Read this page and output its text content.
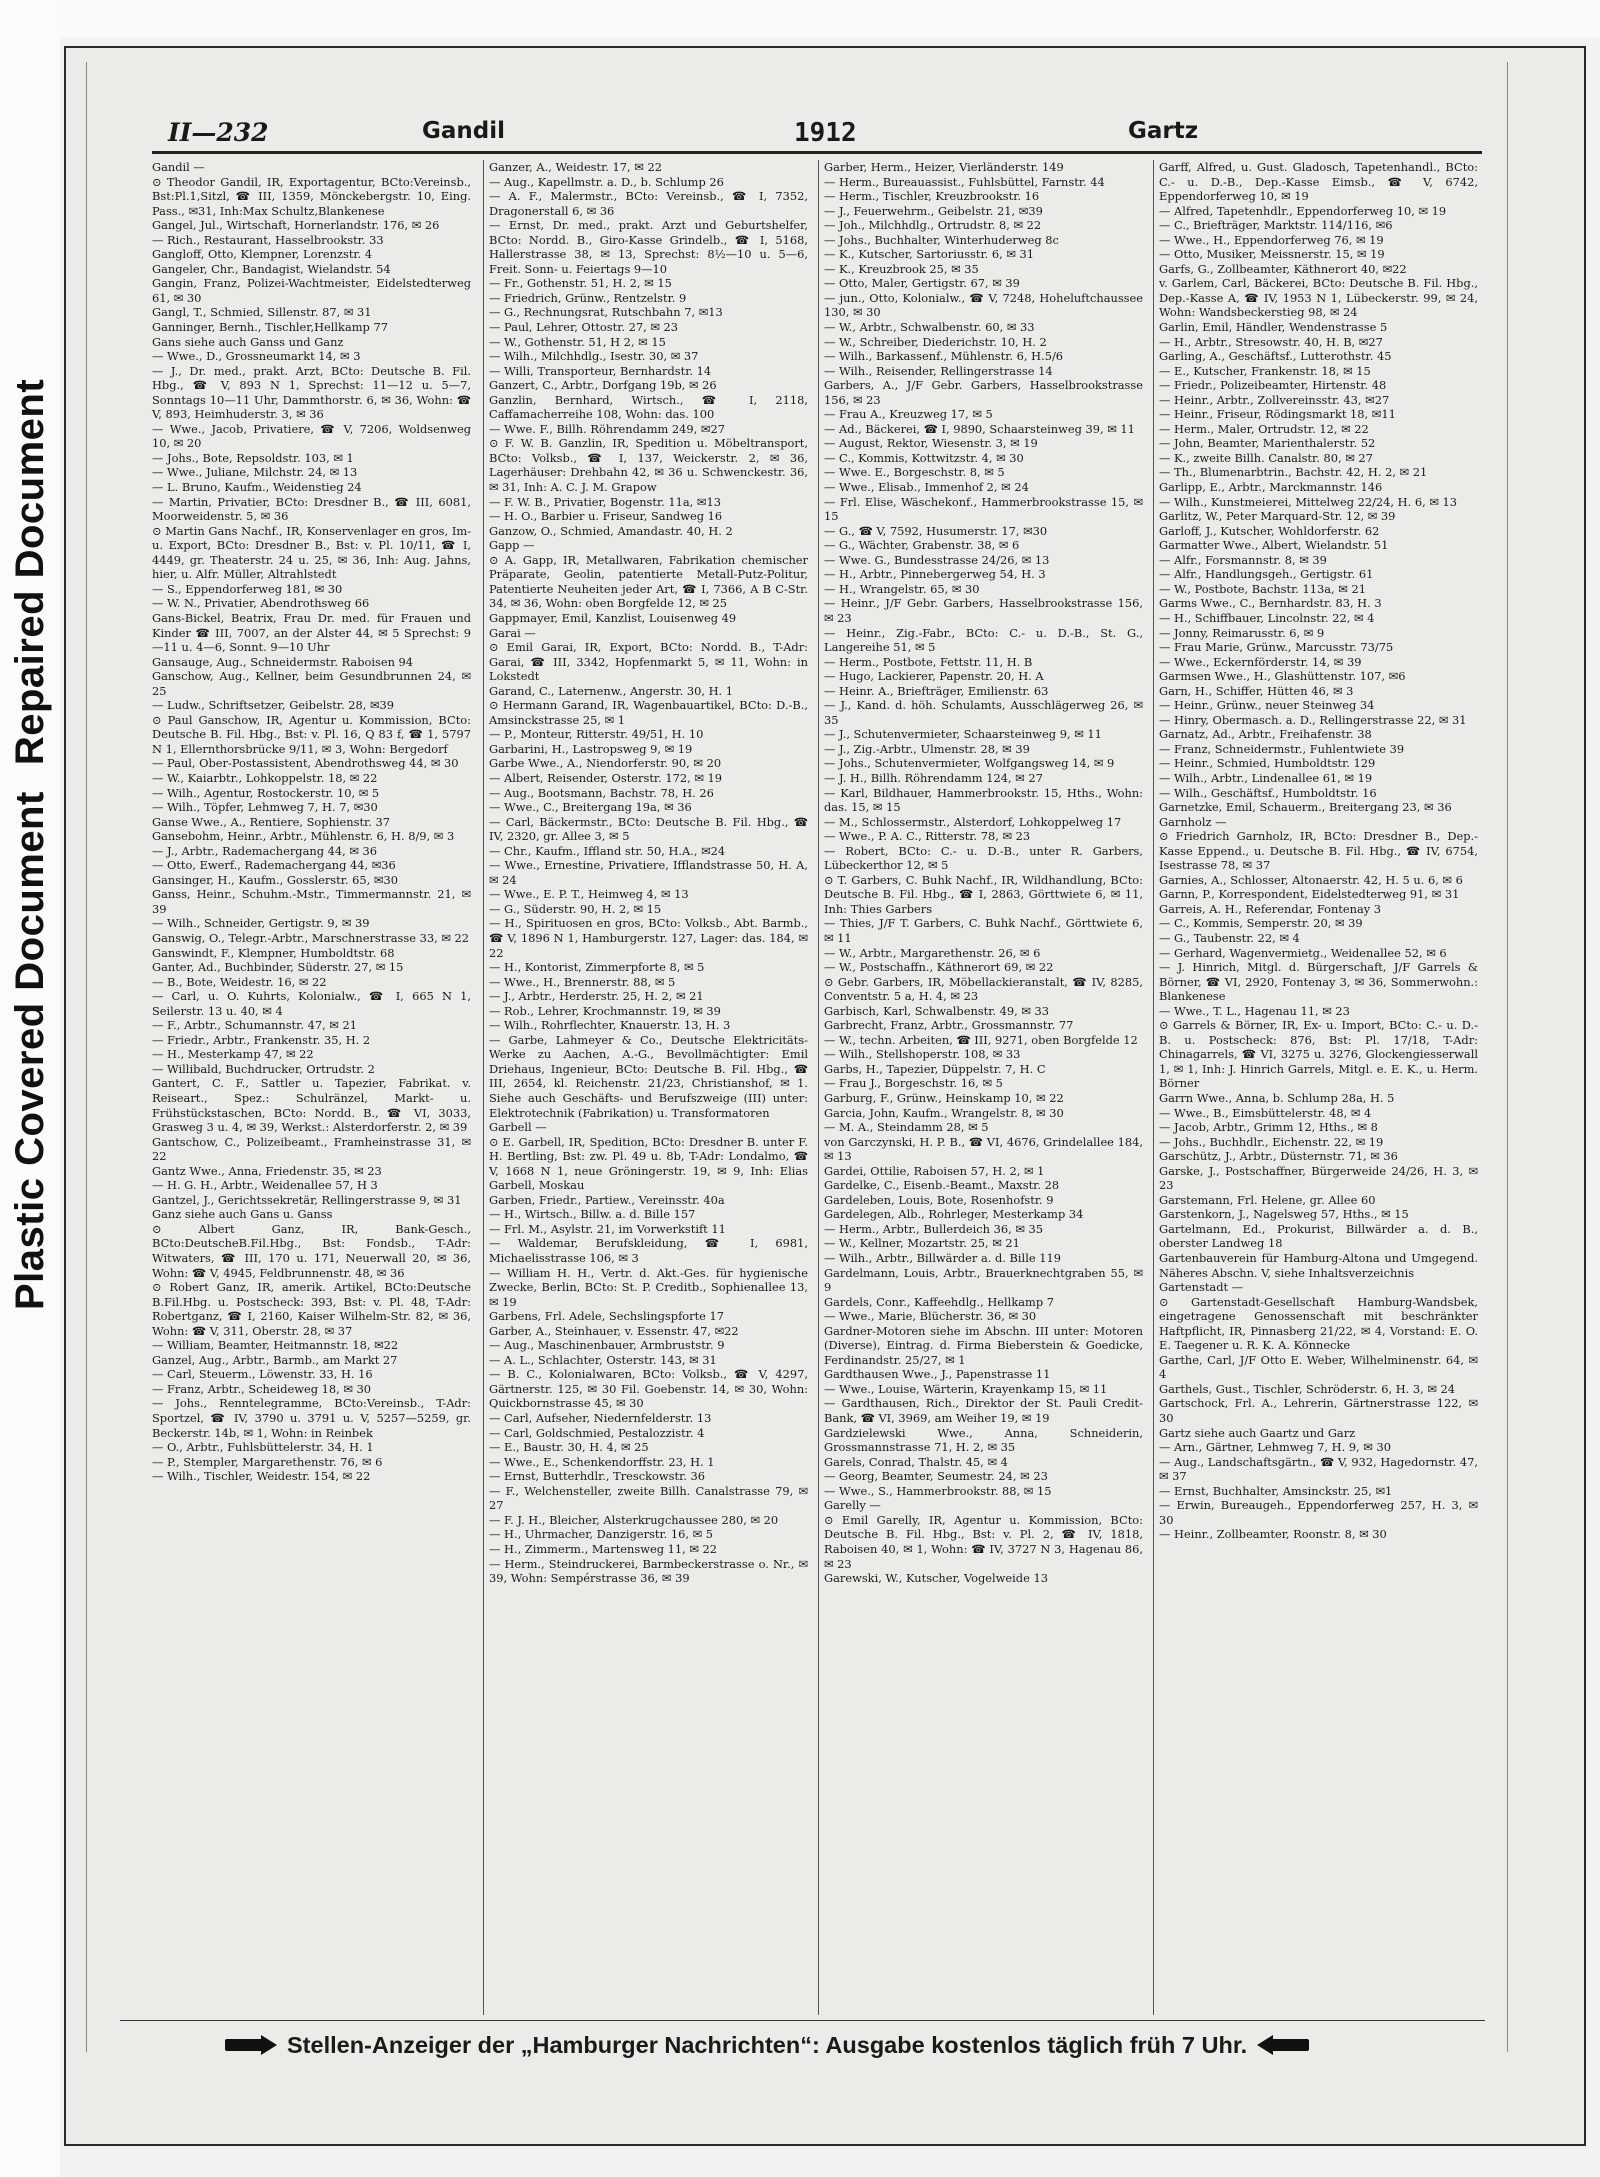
Plastic Covered DocumentRepaired Document
II—232	Gandil	1912	Gartz

Gandil —

⊙ Theodor Gandil, IR, Exportagentur, BCto:Vereinsb., Bst:Pl.1,Sitzl, ☎ III, 1359, Mönckebergstr. 10, Eing. Pass., ✉31, Inh:Max Schultz,Blankenese

Gangel, Jul., Wirtschaft, Hornerlandstr. 176, ✉ 26

— Rich., Restaurant, Hasselbrookstr. 33

Gangloff, Otto, Klempner, Lorenzstr. 4

Gangeler, Chr., Bandagist, Wielandstr. 54

Gangin, Franz, Polizei-Wachtmeister, Eidelstedterweg 61, ✉ 30

Gangl, T., Schmied, Sillenstr. 87, ✉ 31

Ganninger, Bernh., Tischler,Hellkamp 77

Gans siehe auch Ganss und Ganz

— Wwe., D., Grossneumarkt 14, ✉ 3

— J., Dr. med., prakt. Arzt, BCto: Deutsche B. Fil. Hbg., ☎ V, 893 N 1, Sprechst: 11—12 u. 5—7, Sonntags 10—11 Uhr, Dammthorstr. 6, ✉ 36, Wohn: ☎ V, 893, Heimhuderstr. 3, ✉ 36

— Wwe., Jacob, Privatiere, ☎ V, 7206, Woldsenweg 10, ✉ 20

— Johs., Bote, Repsoldstr. 103, ✉ 1

— Wwe., Juliane, Milchstr. 24, ✉ 13

— L. Bruno, Kaufm., Weidenstieg 24

— Martin, Privatier, BCto: Dresdner B., ☎ III, 6081, Moorweidenstr. 5, ✉ 36

⊙ Martin Gans Nachf., IR, Konservenlager en gros, Im- u. Export, BCto: Dresdner B., Bst: v. Pl. 10/11, ☎ I, 4449, gr. Theaterstr. 24 u. 25, ✉ 36, Inh: Aug. Jahns, hier, u. Alfr. Müller, Altrahlstedt

— S., Eppendorferweg 181, ✉ 30

— W. N., Privatier, Abendrothsweg 66

Gans-Bickel, Beatrix, Frau Dr. med. für Frauen und Kinder ☎ III, 7007, an der Alster 44, ✉ 5 Sprechst: 9—11 u. 4—6, Sonnt. 9—10 Uhr

Gansauge, Aug., Schneidermstr. Raboisen 94

Ganschow, Aug., Kellner, beim Gesundbrunnen 24, ✉ 25

— Ludw., Schriftsetzer, Geibelstr. 28, ✉39

⊙ Paul Ganschow, IR, Agentur u. Kommission, BCto: Deutsche B. Fil. Hbg., Bst: v. Pl. 16, Q 83 f, ☎ 1, 5797 N 1, Ellernthorsbrücke 9/11, ✉ 3, Wohn: Bergedorf

— Paul, Ober-Postassistent, Abendrothsweg 44, ✉ 30

— W., Kaiarbtr., Lohkoppelstr. 18, ✉ 22

— Wilh., Agentur, Rostockerstr. 10, ✉ 5

— Wilh., Töpfer, Lehmweg 7, H. 7, ✉30

Ganse Wwe., A., Rentiere, Sophienstr. 37

Gansebohm, Heinr., Arbtr., Mühlenstr. 6, H. 8/9, ✉ 3

— J., Arbtr., Rademachergang 44, ✉ 36

— Otto, Ewerf., Rademachergang 44, ✉36

Gansinger, H., Kaufm., Gosslerstr. 65, ✉30

Ganss, Heinr., Schuhm.-Mstr., Timmermannstr. 21, ✉ 39

— Wilh., Schneider, Gertigstr. 9, ✉ 39

Ganswig, O., Telegr.-Arbtr., Marschnerstrasse 33, ✉ 22

Ganswindt, F., Klempner, Humboldtstr. 68

Ganter, Ad., Buchbinder, Süderstr. 27, ✉ 15

— B., Bote, Weidestr. 16, ✉ 22

— Carl, u. O. Kuhrts, Kolonialw., ☎ I, 665 N 1, Seilerstr. 13 u. 40, ✉ 4

— F., Arbtr., Schumannstr. 47, ✉ 21

— Friedr., Arbtr., Frankenstr. 35, H. 2

— H., Mesterkamp 47, ✉ 22

— Willibald, Buchdrucker, Ortrudstr. 2

Gantert, C. F., Sattler u. Tapezier, Fabrikat. v. Reiseart., Spez.: Schulränzel, Markt- u. Frühstückstaschen, BCto: Nordd. B., ☎ VI, 3033, Grasweg 3 u. 4, ✉ 39, Werkst.: Alsterdorferstr. 2, ✉ 39

Gantschow, C., Polizeibeamt., Framheinstrasse 31, ✉ 22

Gantz Wwe., Anna, Friedenstr. 35, ✉ 23

— H. G. H., Arbtr., Weidenallee 57, H 3

Gantzel, J., Gerichtssekretär, Rellingerstrasse 9, ✉ 31

Ganz siehe auch Gans u. Ganss

⊙ Albert Ganz, IR, Bank-Gesch., BCto:DeutscheB.Fil.Hbg., Bst: Fondsb., T-Adr: Witwaters, ☎ III, 170 u. 171, Neuerwall 20, ✉ 36, Wohn: ☎ V, 4945, Feldbrunnenstr. 48, ✉ 36

⊙ Robert Ganz, IR, amerik. Artikel, BCto:Deutsche B.Fil.Hbg. u. Postscheck: 393, Bst: v. Pl. 48, T-Adr: Robertganz, ☎ I, 2160, Kaiser Wilhelm-Str. 82, ✉ 36, Wohn: ☎ V, 311, Oberstr. 28, ✉ 37

— William, Beamter, Heitmannstr. 18, ✉22

Ganzel, Aug., Arbtr., Barmb., am Markt 27

— Carl, Steuerm., Löwenstr. 33, H. 16

— Franz, Arbtr., Scheideweg 18, ✉ 30

— Johs., Renntelegramme, BCto:Vereinsb., T-Adr: Sportzel, ☎ IV, 3790 u. 3791 u. V, 5257—5259, gr. Beckerstr. 14b, ✉ 1, Wohn: in Reinbek

— O., Arbtr., Fuhlsbüttelerstr. 34, H. 1

— P., Stempler, Margarethenstr. 76, ✉ 6

— Wilh., Tischler, Weidestr. 154, ✉ 22

Ganzer, A., Weidestr. 17, ✉ 22

— Aug., Kapellmstr. a. D., b. Schlump 26

— A. F., Malermstr., BCto: Vereinsb., ☎ I, 7352, Dragonerstall 6, ✉ 36

— Ernst, Dr. med., prakt. Arzt und Geburtshelfer, BCto: Nordd. B., Giro-Kasse Grindelb., ☎ I, 5168, Hallerstrasse 38, ✉ 13, Sprechst: 8½—10 u. 5—6, Freit. Sonn- u. Feiertags 9—10

— Fr., Gothenstr. 51, H. 2, ✉ 15

— Friedrich, Grünw., Rentzelstr. 9

— G., Rechnungsrat, Rutschbahn 7, ✉13

— Paul, Lehrer, Ottostr. 27, ✉ 23

— W., Gothenstr. 51, H 2, ✉ 15

— Wilh., Milchhdlg., Isestr. 30, ✉ 37

— Willi, Transporteur, Bernhardstr. 14

Ganzert, C., Arbtr., Dorfgang 19b, ✉ 26

Ganzlin, Bernhard, Wirtsch., ☎ I, 2118, Caffamacherreihe 108, Wohn: das. 100

— Wwe. F., Billh. Röhrendamm 249, ✉27

⊙ F. W. B. Ganzlin, IR, Spedition u. Möbeltransport, BCto: Volksb., ☎ I, 137, Weickerstr. 2, ✉ 36, Lagerhäuser: Drehbahn 42, ✉ 36 u. Schwenckestr. 36, ✉ 31, Inh: A. C. J. M. Grapow

— F. W. B., Privatier, Bogenstr. 11a, ✉13

— H. O., Barbier u. Friseur, Sandweg 16

Ganzow, O., Schmied, Amandastr. 40, H. 2

Gapp —

⊙ A. Gapp, IR, Metallwaren, Fabrikation chemischer Präparate, Geolin, patentierte Metall-Putz-Politur, Patentierte Neuheiten jeder Art, ☎ I, 7366, A B C-Str. 34, ✉ 36, Wohn: oben Borgfelde 12, ✉ 25

Gappmayer, Emil, Kanzlist, Louisenweg 49

Garai —

⊙ Emil Garai, IR, Export, BCto: Nordd. B., T-Adr: Garai, ☎ III, 3342, Hopfenmarkt 5, ✉ 11, Wohn: in Lokstedt

Garand, C., Laternenw., Angerstr. 30, H. 1

⊙ Hermann Garand, IR, Wagenbauartikel, BCto: D.-B., Amsinckstrasse 25, ✉ 1

— P., Monteur, Ritterstr. 49/51, H. 10

Garbarini, H., Lastropsweg 9, ✉ 19

Garbe Wwe., A., Niendorferstr. 90, ✉ 20

— Albert, Reisender, Osterstr. 172, ✉ 19

— Aug., Bootsmann, Bachstr. 78, H. 26

— Wwe., C., Breitergang 19a, ✉ 36

— Carl, Bäckermstr., BCto: Deutsche B. Fil. Hbg., ☎ IV, 2320, gr. Allee 3, ✉ 5

— Chr., Kaufm., Iffland str. 50, H.A., ✉24

— Wwe., Ernestine, Privatiere, Ifflandstrasse 50, H. A, ✉ 24

— Wwe., E. P. T., Heimweg 4, ✉ 13

— G., Süderstr. 90, H. 2, ✉ 15

— H., Spirituosen en gros, BCto: Volksb., Abt. Barmb., ☎ V, 1896 N 1, Hamburgerstr. 127, Lager: das. 184, ✉22

— H., Kontorist, Zimmerpforte 8, ✉ 5

— Wwe., H., Brennerstr. 88, ✉ 5

— J., Arbtr., Herderstr. 25, H. 2, ✉ 21

— Rob., Lehrer, Krochmannstr. 19, ✉ 39

— Wilh., Rohrflechter, Knauerstr. 13, H. 3

— Garbe, Lahmeyer & Co., Deutsche Elektricitäts-Werke zu Aachen, A.-G., Bevollmächtigter: Emil Driehaus, Ingenieur, BCto: Deutsche B. Fil. Hbg., ☎ III, 2654, kl. Reichenstr. 21/23, Christianshof, ✉ 1. Siehe auch Geschäfts- und Berufszweige (III) unter: Elektrotechnik (Fabrikation) u. Transformatoren

Garbell —

⊙ E. Garbell, IR, Spedition, BCto: Dresdner B. unter F. H. Bertling, Bst: zw. Pl. 49 u. 8b, T-Adr: Londalmo, ☎ V, 1668 N 1, neue Gröningerstr. 19, ✉ 9, Inh: Elias Garbell, Moskau

Garben, Friedr., Partiew., Vereinsstr. 40a

— H., Wirtsch., Billw. a. d. Bille 157

— Frl. M., Asylstr. 21, im Vorwerkstift 11

— Waldemar, Berufskleidung, ☎ I, 6981, Michaelisstrasse 106, ✉ 3

— William H. H., Vertr. d. Akt.-Ges. für hygienische Zwecke, Berlin, BCto: St. P. Creditb., Sophienallee 13, ✉ 19

Garbens, Frl. Adele, Sechslingspforte 17

Garber, A., Steinhauer, v. Essenstr. 47, ✉22

— Aug., Maschinenbauer, Armbruststr. 9

— A. L., Schlachter, Osterstr. 143, ✉ 31

— B. C., Kolonialwaren, BCto: Volksb., ☎ V, 4297, Gärtnerstr. 125, ✉ 30 Fil. Goebenstr. 14, ✉ 30, Wohn: Quickbornstrasse 45, ✉ 30

— Carl, Aufseher, Niedernfelderstr. 13

— Carl, Goldschmied, Pestalozzistr. 4

— E., Baustr. 30, H. 4, ✉ 25

— Wwe., E., Schenkendorffstr. 23, H. 1

— Ernst, Butterhdlr., Tresckowstr. 36

— F., Welchensteller, zweite Billh. Canalstrasse 79, ✉ 27

— F. J. H., Bleicher, Alsterkrugchaussee 280, ✉ 20

— H., Uhrmacher, Danzigerstr. 16, ✉ 5

— H., Zimmerm., Martensweg 11, ✉ 22

— Herm., Steindruckerei, Barmbeckerstrasse o. Nr., ✉ 39, Wohn: Sempérstrasse 36, ✉ 39

Garber, Herm., Heizer, Vierländerstr. 149

— Herm., Bureauassist., Fuhlsbüttel, Farnstr. 44

— Herm., Tischler, Kreuzbrookstr. 16

— J., Feuerwehrm., Geibelstr. 21, ✉39

— Joh., Milchhdlg., Ortrudstr. 8, ✉ 22

— Johs., Buchhalter, Winterhuderweg 8c

— K., Kutscher, Sartoriusstr. 6, ✉ 31

— K., Kreuzbrook 25, ✉ 35

— Otto, Maler, Gertigstr. 67, ✉ 39

— jun., Otto, Kolonialw., ☎ V, 7248, Hoheluftchaussee 130, ✉ 30

— W., Arbtr., Schwalbenstr. 60, ✉ 33

— W., Schreiber, Diederichstr. 10, H. 2

— Wilh., Barkassenf., Mühlenstr. 6, H.5/6

— Wilh., Reisender, Rellingerstrasse 14

Garbers, A., J/F Gebr. Garbers, Hasselbrookstrasse 156, ✉ 23

— Frau A., Kreuzweg 17, ✉ 5

— Ad., Bäckerei, ☎ I, 9890, Schaarsteinweg 39, ✉ 11

— August, Rektor, Wiesenstr. 3, ✉ 19

— C., Kommis, Kottwitzstr. 4, ✉ 30

— Wwe. E., Borgeschstr. 8, ✉ 5

— Wwe., Elisab., Immenhof 2, ✉ 24

— Frl. Elise, Wäschekonf., Hammerbrookstrasse 15, ✉ 15

— G., ☎ V, 7592, Husumerstr. 17, ✉30

— G., Wächter, Grabenstr. 38, ✉ 6

— Wwe. G., Bundesstrasse 24/26, ✉ 13

— H., Arbtr., Pinnebergerweg 54, H. 3

— H., Wrangelstr. 65, ✉ 30

— Heinr., J/F Gebr. Garbers, Hasselbrookstrasse 156, ✉ 23

— Heinr., Zig.-Fabr., BCto: C.- u. D.-B., St. G., Langereihe 51, ✉ 5

— Herm., Postbote, Fettstr. 11, H. B

— Hugo, Lackierer, Papenstr. 20, H. A

— Heinr. A., Briefträger, Emilienstr. 63

— J., Kand. d. höh. Schulamts, Ausschlägerweg 26, ✉ 35

— J., Schutenvermieter, Schaarsteinweg 9, ✉ 11

— J., Zig.-Arbtr., Ulmenstr. 28, ✉ 39

— Johs., Schutenvermieter, Wolfgangsweg 14, ✉ 9

— J. H., Billh. Röhrendamm 124, ✉ 27

— Karl, Bildhauer, Hammerbrookstr. 15, Hths., Wohn: das. 15, ✉ 15

— M., Schlossermstr., Alsterdorf, Lohkoppelweg 17

— Wwe., P. A. C., Ritterstr. 78, ✉ 23

— Robert, BCto: C.- u. D.-B., unter R. Garbers, Lübeckerthor 12, ✉ 5

⊙ T. Garbers, C. Buhk Nachf., IR, Wildhandlung, BCto: Deutsche B. Fil. Hbg., ☎ I, 2863, Görttwiete 6, ✉ 11, Inh: Thies Garbers

— Thies, J/F T. Garbers, C. Buhk Nachf., Görttwiete 6, ✉ 11

— W., Arbtr., Margarethenstr. 26, ✉ 6

— W., Postschaffn., Käthnerort 69, ✉ 22

⊙ Gebr. Garbers, IR, Möbellackieranstalt, ☎ IV, 8285, Conventstr. 5 a, H. 4, ✉ 23

Garbisch, Karl, Schwalbenstr. 49, ✉ 33

Garbrecht, Franz, Arbtr., Grossmannstr. 77

— W., techn. Arbeiten, ☎ III, 9271, oben Borgfelde 12

— Wilh., Stellshoperstr. 108, ✉ 33

Garbs, H., Tapezier, Düppelstr. 7, H. C

— Frau J., Borgeschstr. 16, ✉ 5

Garburg, F., Grünw., Heinskamp 10, ✉ 22

Garcia, John, Kaufm., Wrangelstr. 8, ✉ 30

— M. A., Steindamm 28, ✉ 5

von Garczynski, H. P. B., ☎ VI, 4676, Grindelallee 184, ✉ 13

Gardei, Ottilie, Raboisen 57, H. 2, ✉ 1

Gardelke, C., Eisenb.-Beamt., Maxstr. 28

Gardeleben, Louis, Bote, Rosenhofstr. 9

Gardelegen, Alb., Rohrleger, Mesterkamp 34

— Herm., Arbtr., Bullerdeich 36, ✉ 35

— W., Kellner, Mozartstr. 25, ✉ 21

— Wilh., Arbtr., Billwärder a. d. Bille 119

Gardelmann, Louis, Arbtr., Brauerknechtgraben 55, ✉ 9

Gardels, Conr., Kaffeehdlg., Hellkamp 7

— Wwe., Marie, Blücherstr. 36, ✉ 30

Gardner-Motoren siehe im Abschn. III unter: Motoren (Diverse), Eintrag. d. Firma Bieberstein & Goedicke, Ferdinandstr. 25/27, ✉ 1

Gardthausen Wwe., J., Papenstrasse 11

— Wwe., Louise, Wärterin, Krayenkamp 15, ✉ 11

— Gardthausen, Rich., Direktor der St. Pauli Credit-Bank, ☎ VI, 3969, am Weiher 19, ✉ 19

Gardzielewski Wwe., Anna, Schneiderin, Grossmannstrasse 71, H. 2, ✉ 35

Garels, Conrad, Thalstr. 45, ✉ 4

— Georg, Beamter, Seumestr. 24, ✉ 23

— Wwe., S., Hammerbrookstr. 88, ✉ 15

Garelly —

⊙ Emil Garelly, IR, Agentur u. Kommission, BCto: Deutsche B. Fil. Hbg., Bst: v. Pl. 2, ☎ IV, 1818, Raboisen 40, ✉ 1, Wohn: ☎ IV, 3727 N 3, Hagenau 86, ✉ 23

Garewski, W., Kutscher, Vogelweide 13

Garff, Alfred, u. Gust. Gladosch, Tapetenhandl., BCto: C.- u. D.-B., Dep.-Kasse Eimsb., ☎ V, 6742, Eppendorferweg 10, ✉ 19

— Alfred, Tapetenhdlr., Eppendorferweg 10, ✉ 19

— C., Briefträger, Marktstr. 114/116, ✉6

— Wwe., H., Eppendorferweg 76, ✉ 19

— Otto, Musiker, Meissnerstr. 15, ✉ 19

Garfs, G., Zollbeamter, Käthnerort 40, ✉22

v. Garlem, Carl, Bäckerei, BCto: Deutsche B. Fil. Hbg., Dep.-Kasse A, ☎ IV, 1953 N 1, Lübeckerstr. 99, ✉ 24, Wohn: Wandsbeckerstieg 98, ✉ 24

Garlin, Emil, Händler, Wendenstrasse 5

— H., Arbtr., Stresowstr. 40, H. B, ✉27

Garling, A., Geschäftsf., Lutterothstr. 45

— E., Kutscher, Frankenstr. 18, ✉ 15

— Friedr., Polizeibeamter, Hirtenstr. 48

— Heinr., Arbtr., Zollvereinsstr. 43, ✉27

— Heinr., Friseur, Rödingsmarkt 18, ✉11

— Herm., Maler, Ortrudstr. 12, ✉ 22

— John, Beamter, Marienthalerstr. 52

— K., zweite Billh. Canalstr. 80, ✉ 27

— Th., Blumenarbtrin., Bachstr. 42, H. 2, ✉ 21

Garlipp, E., Arbtr., Marckmannstr. 146

— Wilh., Kunstmeierei, Mittelweg 22/24, H. 6, ✉ 13

Garlitz, W., Peter Marquard-Str. 12, ✉ 39

Garloff, J., Kutscher, Wohldorferstr. 62

Garmatter Wwe., Albert, Wielandstr. 51

— Alfr., Forsmannstr. 8, ✉ 39

— Alfr., Handlungsgeh., Gertigstr. 61

— W., Postbote, Bachstr. 113a, ✉ 21

Garms Wwe., C., Bernhardstr. 83, H. 3

— H., Schiffbauer, Lincolnstr. 22, ✉ 4

— Jonny, Reimarusstr. 6, ✉ 9

— Frau Marie, Grünw., Marcusstr. 73/75

— Wwe., Eckernförderstr. 14, ✉ 39

Garmsen Wwe., H., Glashüttenstr. 107, ✉6

Garn, H., Schiffer, Hütten 46, ✉ 3

— Heinr., Grünw., neuer Steinweg 34

— Hinry, Obermasch. a. D., Rellingerstrasse 22, ✉ 31

Garnatz, Ad., Arbtr., Freihafenstr. 38

— Franz, Schneidermstr., Fuhlentwiete 39

— Heinr., Schmied, Humboldtstr. 129

— Wilh., Arbtr., Lindenallee 61, ✉ 19

— Wilh., Geschäftsf., Humboldtstr. 16

Garnetzke, Emil, Schauerm., Breitergang 23, ✉ 36

Garnholz —

⊙ Friedrich Garnholz, IR, BCto: Dresdner B., Dep.-Kasse Eppend., u. Deutsche B. Fil. Hbg., ☎ IV, 6754, Isestrasse 78, ✉ 37

Garnies, A., Schlosser, Altonaerstr. 42, H. 5 u. 6, ✉ 6

Garnn, P., Korrespondent, Eidelstedterweg 91, ✉ 31

Garreis, A. H., Referendar, Fontenay 3

— C., Kommis, Semperstr. 20, ✉ 39

— G., Taubenstr. 22, ✉ 4

— Gerhard, Wagenvermietg., Weidenallee 52, ✉ 6

— J. Hinrich, Mitgl. d. Bürgerschaft, J/F Garrels & Börner, ☎ VI, 2920, Fontenay 3, ✉ 36, Sommerwohn.: Blankenese

— Wwe., T. L., Hagenau 11, ✉ 23

⊙ Garrels & Börner, IR, Ex- u. Import, BCto: C.- u. D.-B. u. Postscheck: 876, Bst: Pl. 17/18, T-Adr: Chinagarrels, ☎ VI, 3275 u. 3276, Glockengiesserwall 1, ✉ 1, Inh: J. Hinrich Garrels, Mitgl. e. E. K., u. Herm. Börner

Garrn Wwe., Anna, b. Schlump 28a, H. 5

— Wwe., B., Eimsbüttelerstr. 48, ✉ 4

— Jacob, Arbtr., Grimm 12, Hths., ✉ 8

— Johs., Buchhdlr., Eichenstr. 22, ✉ 19

Garschütz, J., Arbtr., Düsternstr. 71, ✉ 36

Garske, J., Postschaffner, Bürgerweide 24/26, H. 3, ✉ 23

Garstemann, Frl. Helene, gr. Allee 60

Garstenkorn, J., Nagelsweg 57, Hths., ✉ 15

Gartelmann, Ed., Prokurist, Billwärder a. d. B., oberster Landweg 18

Gartenbauverein für Hamburg-Altona und Umgegend. Näheres Abschn. V, siehe Inhaltsverzeichnis

Gartenstadt —

⊙ Gartenstadt-Gesellschaft Hamburg-Wandsbek, eingetragene Genossenschaft mit beschränkter Haftpflicht, IR, Pinnasberg 21/22, ✉ 4, Vorstand: E. O. E. Taegener u. R. K. A. Könnecke

Garthe, Carl, J/F Otto E. Weber, Wilhelminenstr. 64, ✉ 4

Garthels, Gust., Tischler, Schröderstr. 6, H. 3, ✉ 24

Gartschock, Frl. A., Lehrerin, Gärtnerstrasse 122, ✉ 30

Gartz siehe auch Gaartz und Garz

— Arn., Gärtner, Lehmweg 7, H. 9, ✉ 30

— Aug., Landschaftsgärtn., ☎ V, 932, Hagedornstr. 47, ✉ 37

— Ernst, Buchhalter, Amsinckstr. 25, ✉1

— Erwin, Bureaugeh., Eppendorferweg 257, H. 3, ✉ 30

— Heinr., Zollbeamter, Roonstr. 8, ✉ 30

Stellen-Anzeiger der „Hamburger Nachrichten“: Ausgabe kostenlos täglich früh 7 Uhr.
